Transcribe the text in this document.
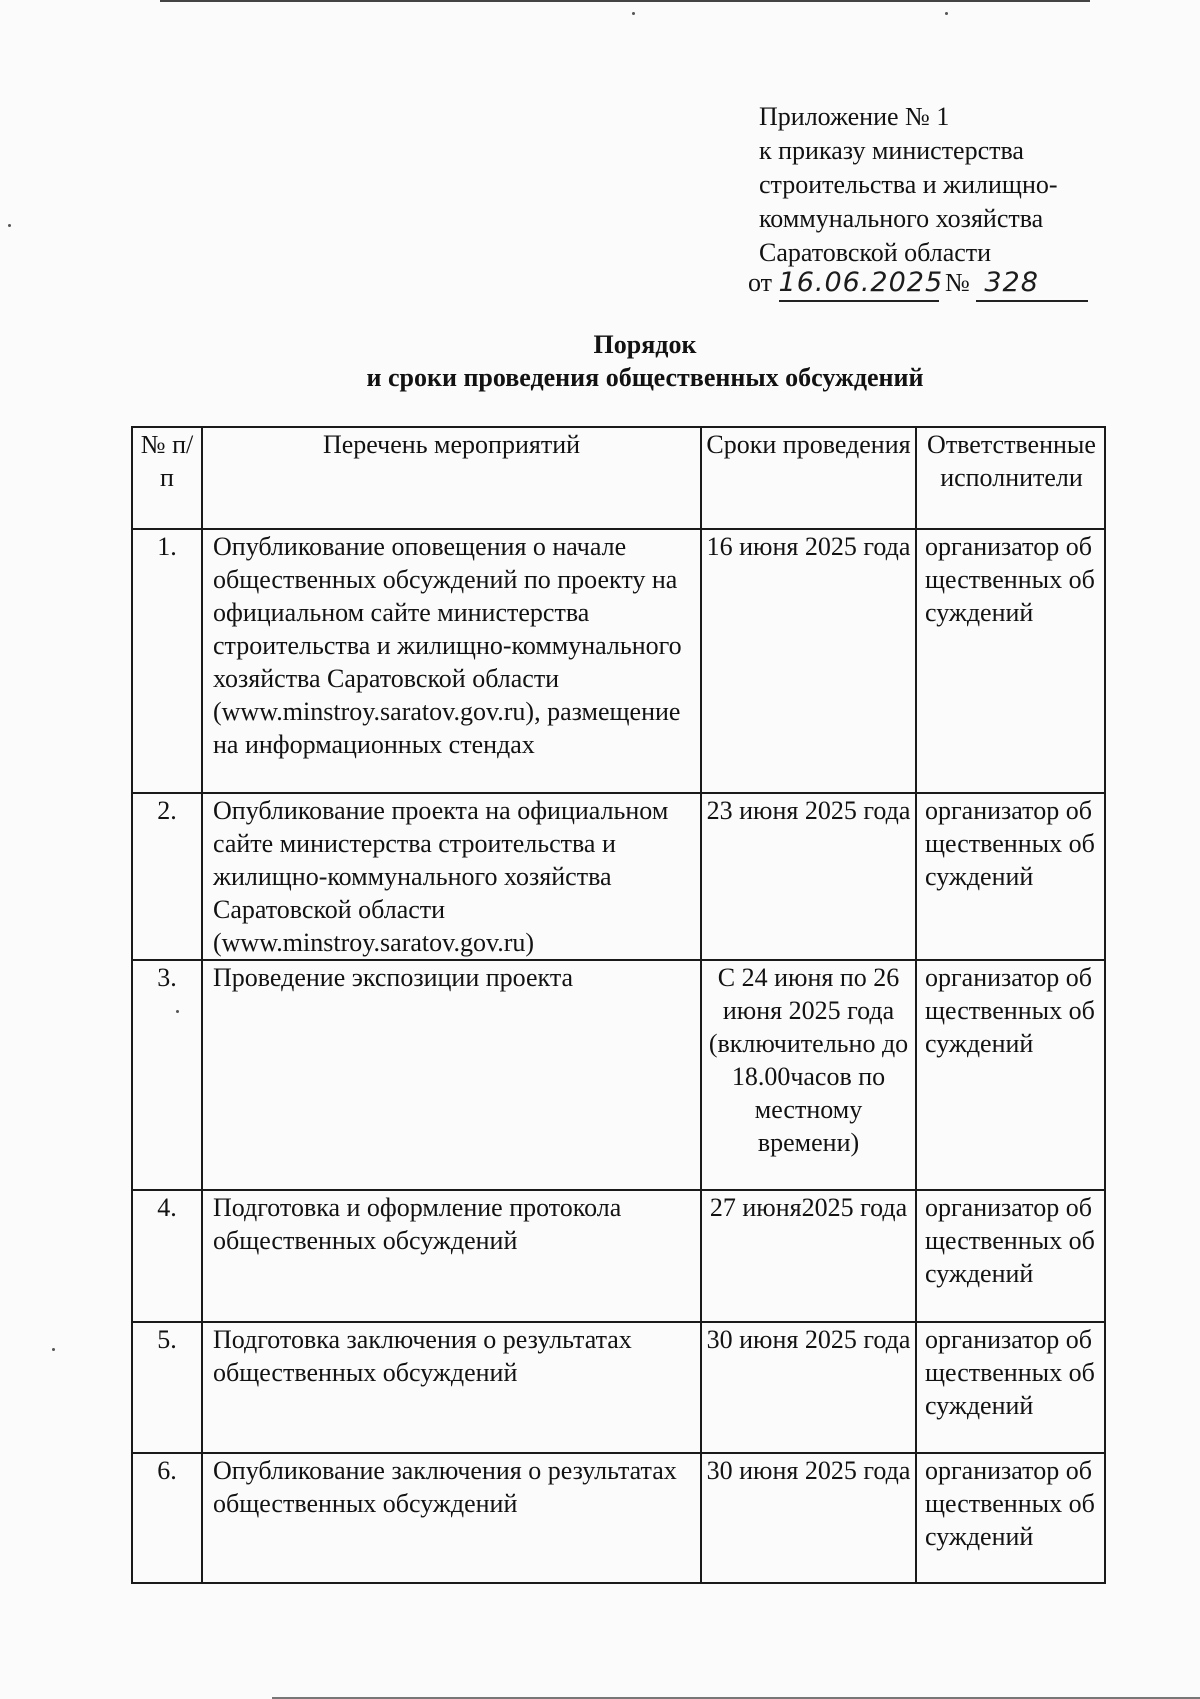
Приложение № 1
к приказу министерства
строительства и жилищно-
коммунального хозяйства
Саратовской области
от 16.06.2025 № 328
Порядок
и сроки проведения общественных обсуждений
№ п/п	Перечень мероприятий	Сроки проведения	Ответственные исполнители
1.	Опубликование оповещения о начале общественных обсуждений по проекту на официальном сайте министерства строительства и жилищно-коммунального хозяйства Саратовской области (www.minstroy.saratov.gov.ru), размещение на информационных стендах	16 июня 2025 года	организатор общественных обсуждений
2.	Опубликование проекта на официальном сайте министерства строительства и жилищно-коммунального хозяйства Саратовской области (www.minstroy.saratov.gov.ru)	23 июня 2025 года	организатор общественных обсуждений
3.	Проведение экспозиции проекта	С 24 июня по 26 июня 2025 года (включительно до 18.00часов по местному времени)	организатор общественных обсуждений
4.	Подготовка и оформление протокола общественных обсуждений	27 июня2025 года	организатор общественных обсуждений
5.	Подготовка заключения о результатах общественных обсуждений	30 июня 2025 года	организатор общественных обсуждений
6.	Опубликование заключения о результатах общественных обсуждений	30 июня 2025 года	организатор общественных обсуждений
